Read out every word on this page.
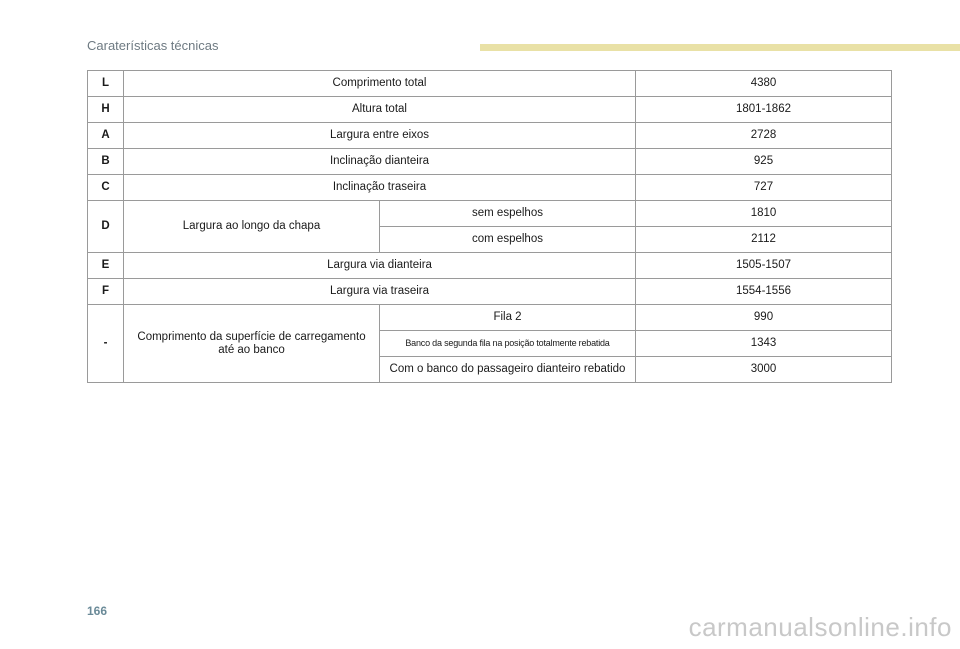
Caraterísticas técnicas
L	Comprimento total		4380
H	Altura total		1801-1862
A	Largura entre eixos		2728
B	Inclinação dianteira		925
C	Inclinação traseira		727
D	Largura ao longo da chapa	sem espelhos	1810
		com espelhos	2112
E	Largura via dianteira		1505-1507
F	Largura via traseira		1554-1556
-	Comprimento da superfície de carregamento até ao banco	Fila 2	990
		Banco da segunda fila na posição totalmente rebatida	1343
		Com o banco do passageiro dianteiro rebatido	3000
166
carmanualsonline.info
